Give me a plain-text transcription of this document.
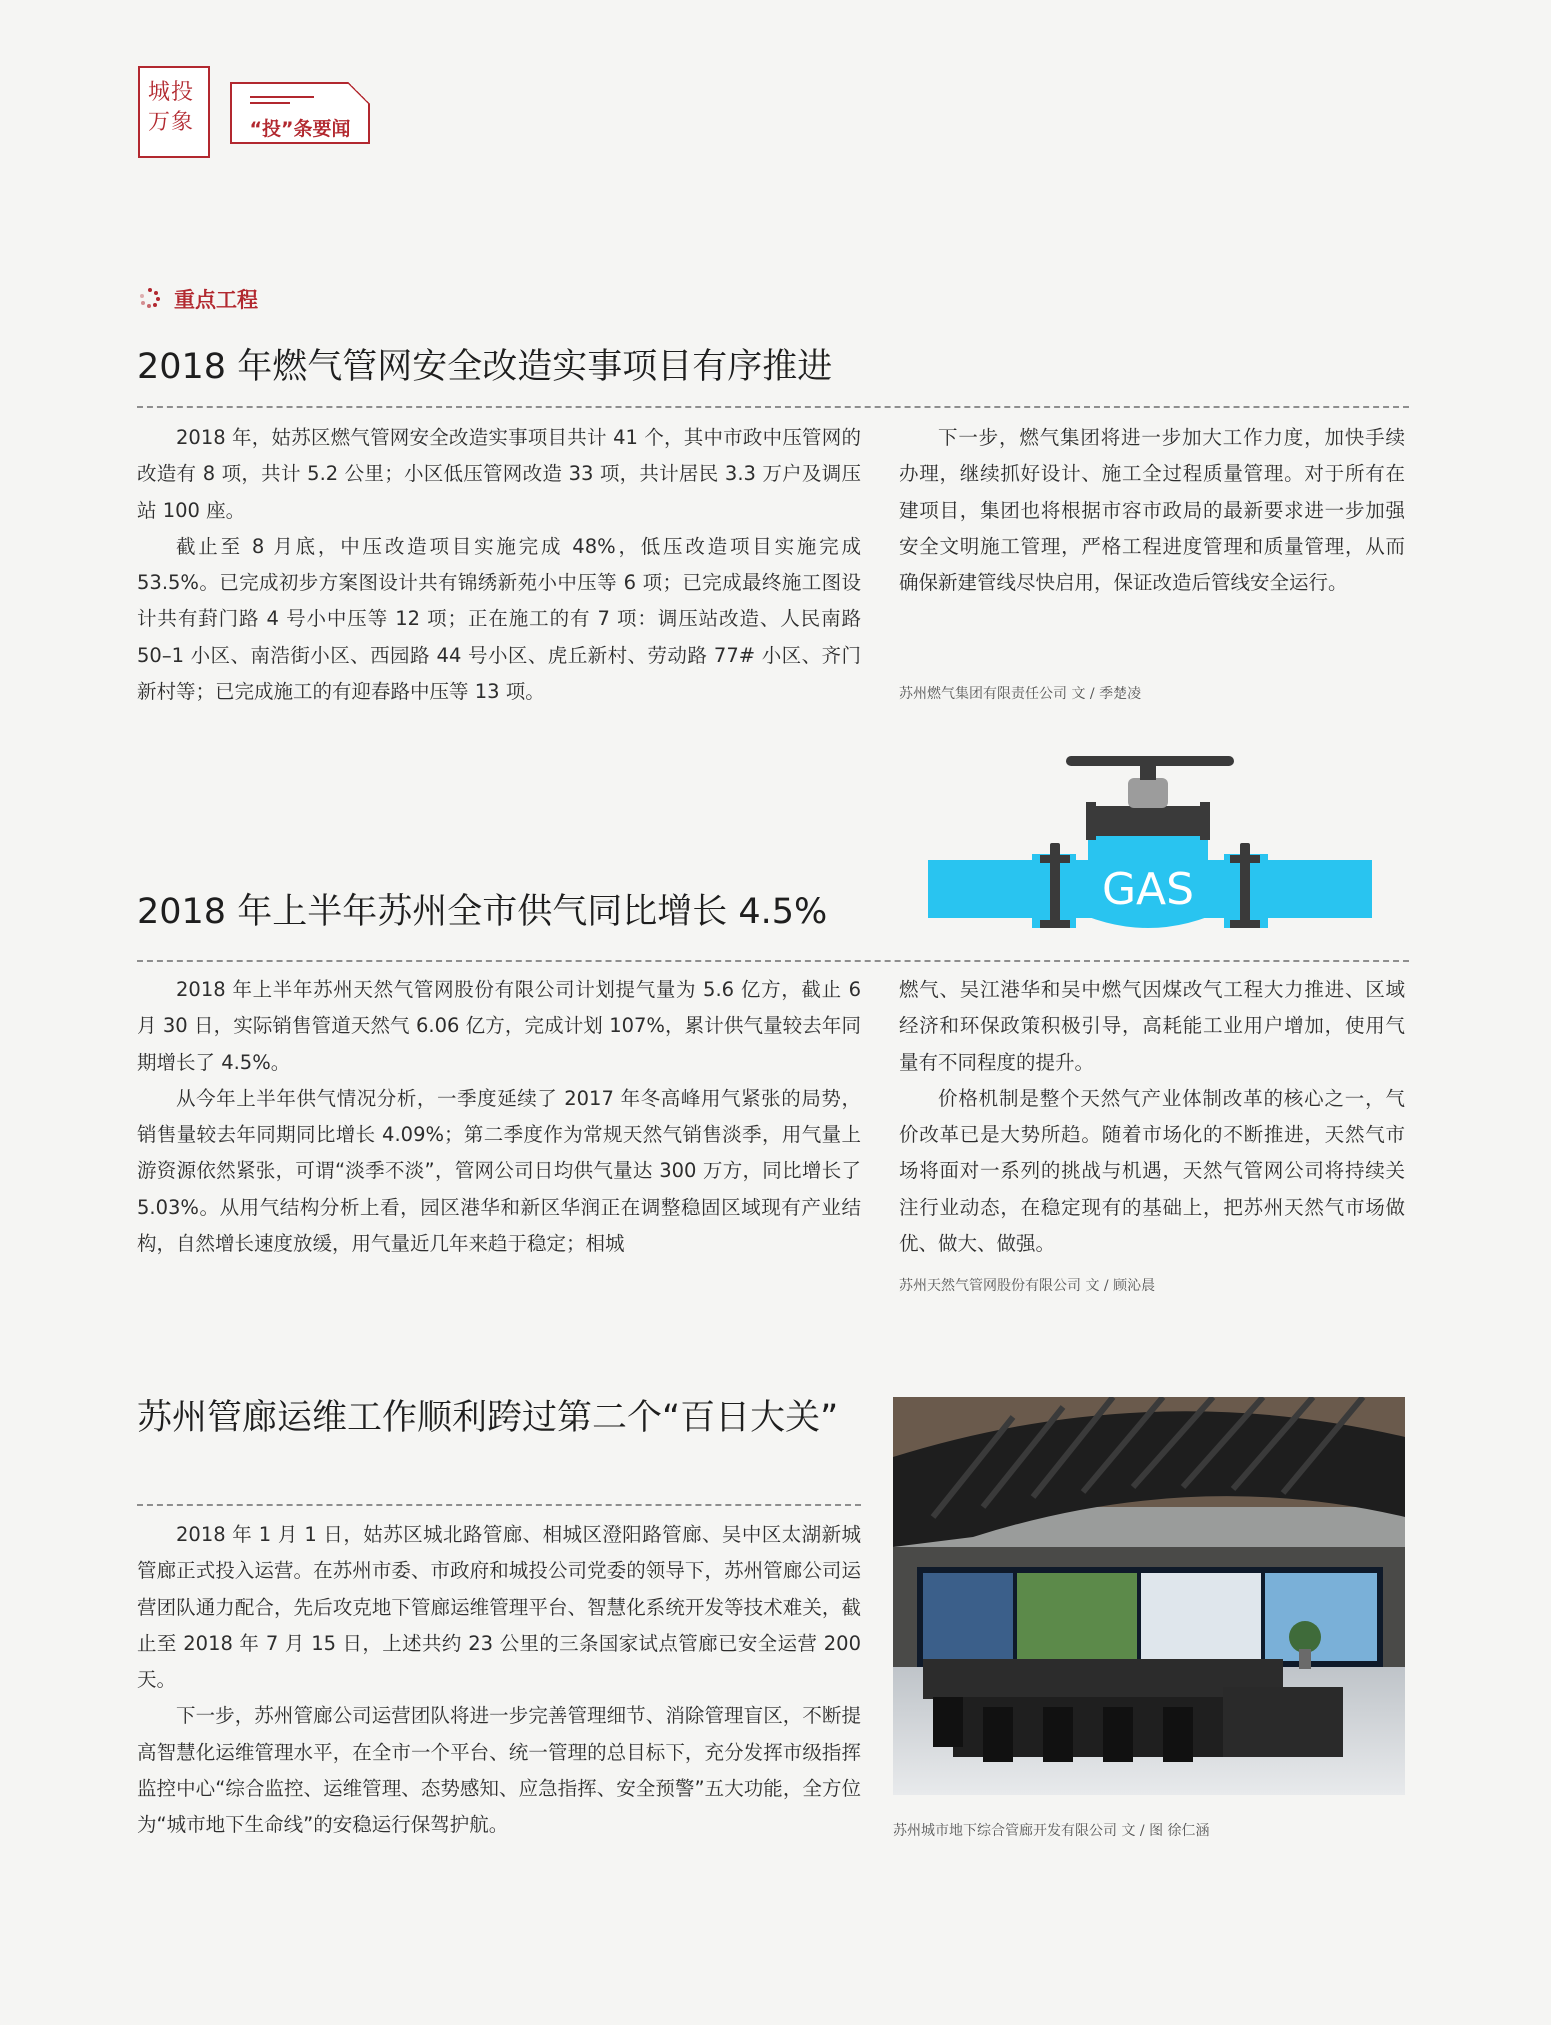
城投万象	“投”条要闻
重点工程
2018 年燃气管网安全改造实事项目有序推进

2018 年，姑苏区燃气管网安全改造实事项目共计 41 个，其中市政中压管网的改造有 8 项，共计 5.2 公里；小区低压管网改造 33 项，共计居民 3.3 万户及调压站 100 座。

截止至 8 月底，中压改造项目实施完成 48%，低压改造项目实施完成 53.5%。已完成初步方案图设计共有锦绣新苑小中压等 6 项；已完成最终施工图设计共有葑门路 4 号小中压等 12 项；正在施工的有 7 项：调压站改造、人民南路 50–1 小区、南浩街小区、西园路 44 号小区、虎丘新村、劳动路 77# 小区、齐门新村等；已完成施工的有迎春路中压等 13 项。

下一步，燃气集团将进一步加大工作力度，加快手续办理，继续抓好设计、施工全过程质量管理。对于所有在建项目，集团也将根据市容市政局的最新要求进一步加强安全文明施工管理，严格工程进度管理和质量管理，从而确保新建管线尽快启用，保证改造后管线安全运行。

苏州燃气集团有限责任公司 文 / 季楚凌
GAS
2018 年上半年苏州全市供气同比增长 4.5%

2018 年上半年苏州天然气管网股份有限公司计划提气量为 5.6 亿方，截止 6 月 30 日，实际销售管道天然气 6.06 亿方，完成计划 107%，累计供气量较去年同期增长了 4.5%。

从今年上半年供气情况分析，一季度延续了 2017 年冬高峰用气紧张的局势，销售量较去年同期同比增长 4.09%；第二季度作为常规天然气销售淡季，用气量上游资源依然紧张，可谓“淡季不淡”，管网公司日均供气量达 300 万方，同比增长了 5.03%。从用气结构分析上看，园区港华和新区华润正在调整稳固区域现有产业结构，自然增长速度放缓，用气量近几年来趋于稳定；相城

燃气、吴江港华和吴中燃气因煤改气工程大力推进、区域经济和环保政策积极引导，高耗能工业用户增加，使用气量有不同程度的提升。

价格机制是整个天然气产业体制改革的核心之一，气价改革已是大势所趋。随着市场化的不断推进，天然气市场将面对一系列的挑战与机遇，天然气管网公司将持续关注行业动态，在稳定现有的基础上，把苏州天然气市场做优、做大、做强。

苏州天然气管网股份有限公司 文 / 顾沁晨
苏州管廊运维工作顺利跨过第二个“百日大关”

2018 年 1 月 1 日，姑苏区城北路管廊、相城区澄阳路管廊、吴中区太湖新城管廊正式投入运营。在苏州市委、市政府和城投公司党委的领导下，苏州管廊公司运营团队通力配合，先后攻克地下管廊运维管理平台、智慧化系统开发等技术难关，截止至 2018 年 7 月 15 日，上述共约 23 公里的三条国家试点管廊已安全运营 200 天。

下一步，苏州管廊公司运营团队将进一步完善管理细节、消除管理盲区，不断提高智慧化运维管理水平，在全市一个平台、统一管理的总目标下，充分发挥市级指挥监控中心“综合监控、运维管理、态势感知、应急指挥、安全预警”五大功能，全方位为“城市地下生命线”的安稳运行保驾护航。	苏州城市地下综合管廊开发有限公司 文 / 图 徐仁涵
